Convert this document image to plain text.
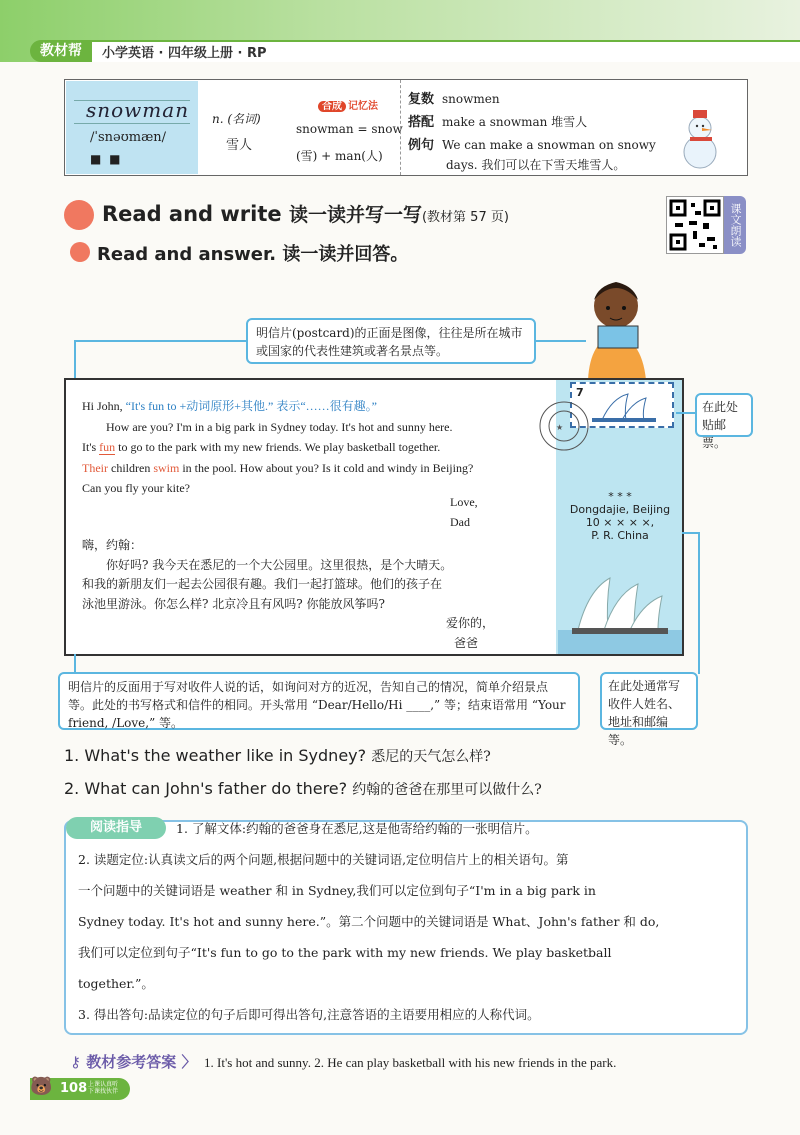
教材帮	小学英语 · 四年级上册 · RP
snowman
/ˈsnəʊmæn/
■ ■
n. (名词)
雪人
合成 记忆法
snowman = snow
(雪) + man(人)
复数 snowmen
搭配 make a snowman 堆雪人
例句 We can make a snowman on snowy
days. 我们可以在下雪天堆雪人。
Read and write 读一读并写一写(教材第 57 页)
Read and answer. 读一读并回答。
课文朗读
明信片(postcard)的正面是图像，往往是所在城市或国家的代表性建筑或著名景点等。
7
★
在此处贴邮票。
Hi John, “It's fun to +动词原形+其他.” 表示“……很有趣。”
How are you? I'm in a big park in Sydney today. It's hot and sunny here.
It's fun to go to the park with my new friends. We play basketball together.
Their children swim in the pool. How about you? Is it cold and windy in Beijing?
Can you fly your kite?
Love,
Dad
嗨，约翰：
你好吗? 我今天在悉尼的一个大公园里。这里很热，是个大晴天。
和我的新朋友们一起去公园很有趣。我们一起打篮球。他们的孩子在
泳池里游泳。你怎么样? 北京冷且有风吗? 你能放风筝吗?
爱你的，
爸爸
* * *
Dongdajie, Beijing
10 × × × ×,
P. R. China
明信片的反面用于写对收件人说的话，如询问对方的近况，告知自己的情况，简单介绍景点等。此处的书写格式和信件的相同。开头常用 “Dear/Hello/Hi ____,” 等；结束语常用 “Your friend, /Love,” 等。
在此处通常写收件人姓名、地址和邮编等。
1. What's the weather like in Sydney? 悉尼的天气怎么样?
2. What can John's father do there? 约翰的爸爸在那里可以做什么?
阅读指导	1. 了解文体:约翰的爸爸身在悉尼,这是他寄给约翰的一张明信片。
2. 读题定位:认真读文后的两个问题,根据问题中的关键词语,定位明信片上的相关语句。第
一个问题中的关键词语是 weather 和 in Sydney,我们可以定位到句子“I'm in a big park in
Sydney today. It's hot and sunny here.”。第二个问题中的关键词语是 What、John's father 和 do,
我们可以定位到句子“It's fun to go to the park with my new friends. We play basketball
together.”。
3. 得出答句:品读定位的句子后即可得出答句,注意答语的主语要用相应的人称代词。
⚷ 教材参考答案 〉 1. It's hot and sunny. 2. He can play basketball with his new friends in the park.
108 上课认真听
下课找伙伴
🐻
